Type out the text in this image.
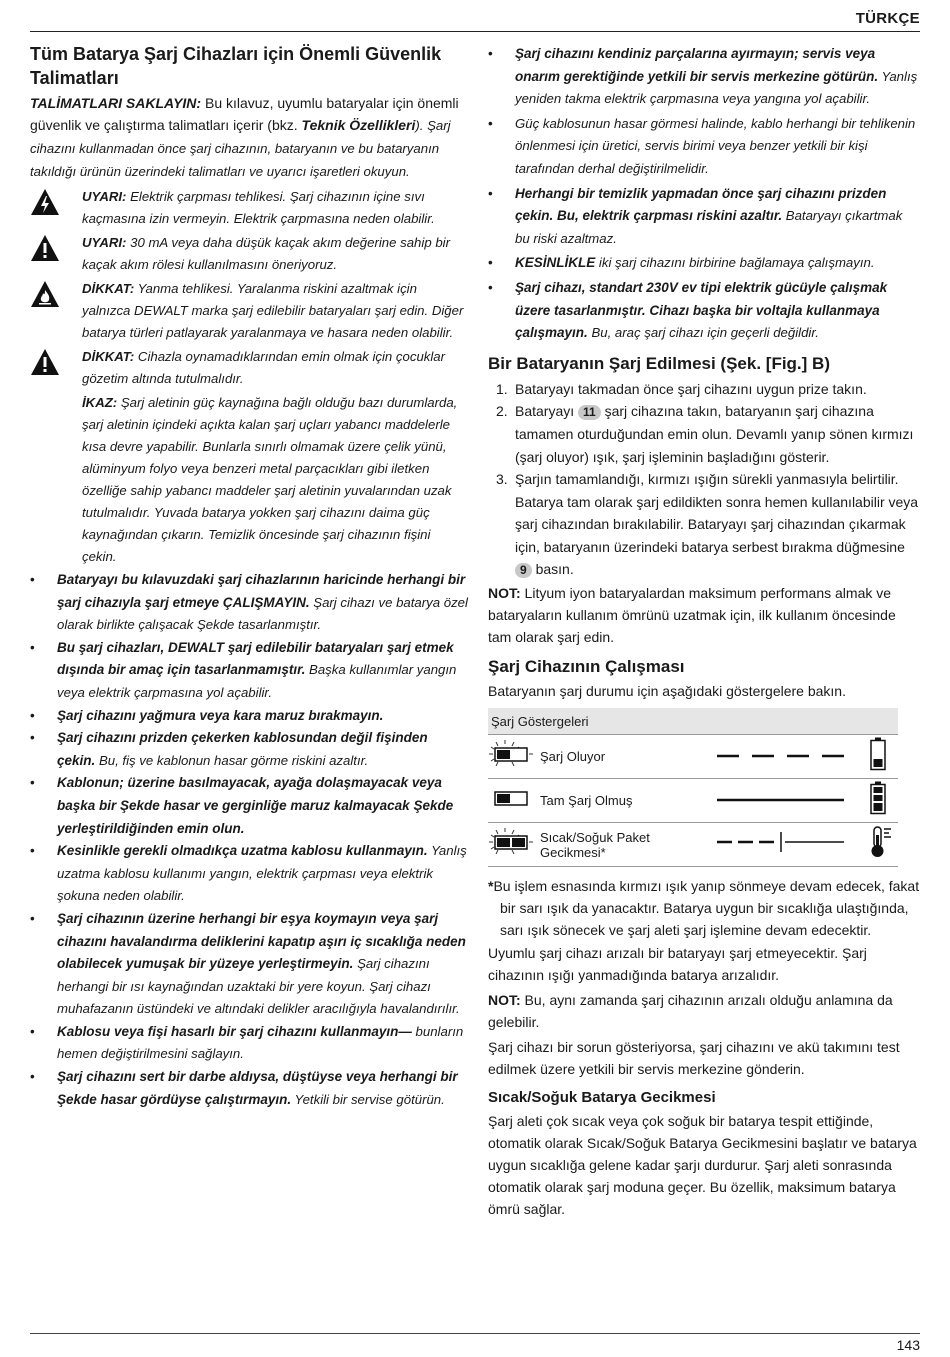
TÜRKÇE
Tüm Batarya Şarj Cihazları için Önemli Güvenlik Talimatları

TALİMATLARI SAKLAYIN: Bu kılavuz, uyumlu bataryalar için önemli güvenlik ve çalıştırma talimatları içerir (bkz. Teknik Özellikleri). Şarj cihazını kullanmadan önce şarj cihazının, bataryanın ve bu bataryanın takıldığı ürünün üzerindeki talimatları ve uyarıcı işaretleri okuyun.

UYARI: Elektrik çarpması tehlikesi. Şarj cihazının içine sıvı kaçmasına izin vermeyin. Elektrik çarpmasına neden olabilir.
UYARI: 30 mA veya daha düşük kaçak akım değerine sahip bir kaçak akım rölesi kullanılmasını öneriyoruz.
DİKKAT: Yanma tehlikesi. Yaralanma riskini azaltmak için yalnızca DEWALT marka şarj edilebilir bataryaları şarj edin. Diğer batarya türleri patlayarak yaralanmaya ve hasara neden olabilir.
DİKKAT: Cihazla oynamadıklarından emin olmak için çocuklar gözetim altında tutulmalıdır.
İKAZ: Şarj aletinin güç kaynağına bağlı olduğu bazı durumlarda, şarj aletinin içindeki açıkta kalan şarj uçları yabancı maddelerle kısa devre yapabilir. Bunlarla sınırlı olmamak üzere çelik yünü, alüminyum folyo veya benzeri metal parçacıkları gibi iletken özelliğe sahip yabancı maddeler şarj aletinin yuvalarından uzak tutulmalıdır. Yuvada batarya yokken şarj cihazını daima güç kaynağından çıkarın. Temizlik öncesinde şarj cihazının fişini çekin.
• Bataryayı bu kılavuzdaki şarj cihazlarının haricinde herhangi bir şarj cihazıyla şarj etmeye ÇALIŞMAYIN. Şarj cihazı ve batarya özel olarak birlikte çalışacak Şekde tasarlanmıştır.
• Bu şarj cihazları, DEWALT şarj edilebilir bataryaları şarj etmek dışında bir amaç için tasarlanmamıştır. Başka kullanımlar yangın veya elektrik çarpmasına yol açabilir.
• Şarj cihazını yağmura veya kara maruz bırakmayın.
• Şarj cihazını prizden çekerken kablosundan değil fişinden çekin. Bu, fiş ve kablonun hasar görme riskini azaltır.
• Kablonun; üzerine basılmayacak, ayağa dolaşmayacak veya başka bir Şekde hasar ve gerginliğe maruz kalmayacak Şekde yerleştirildiğinden emin olun.
• Kesinlikle gerekli olmadıkça uzatma kablosu kullanmayın. Yanlış uzatma kablosu kullanımı yangın, elektrik çarpması veya elektrik şokuna neden olabilir.
• Şarj cihazının üzerine herhangi bir eşya koymayın veya şarj cihazını havalandırma deliklerini kapatıp aşırı iç sıcaklığa neden olabilecek yumuşak bir yüzeye yerleştirmeyin. Şarj cihazını herhangi bir ısı kaynağından uzaktaki bir yere koyun. Şarj cihazı muhafazanın üstündeki ve altındaki delikler aracılığıyla havalandırılır.
• Kablosu veya fişi hasarlı bir şarj cihazını kullanmayın— bunların hemen değiştirilmesini sağlayın.
• Şarj cihazını sert bir darbe aldıysa, düştüyse veya herhangi bir Şekde hasar gördüyse çalıştırmayın. Yetkili bir servise götürün.
• Şarj cihazını kendiniz parçalarına ayırmayın; servis veya onarım gerektiğinde yetkili bir servis merkezine götürün. Yanlış yeniden takma elektrik çarpmasına veya yangına yol açabilir.
• Güç kablosunun hasar görmesi halinde, kablo herhangi bir tehlikenin önlenmesi için üretici, servis birimi veya benzer yetkili bir kişi tarafından derhal değiştirilmelidir.
• Herhangi bir temizlik yapmadan önce şarj cihazını prizden çekin. Bu, elektrik çarpması riskini azaltır. Bataryayı çıkartmak bu riski azaltmaz.
• KESİNLİKLE iki şarj cihazını birbirine bağlamaya çalışmayın.
• Şarj cihazı, standart 230V ev tipi elektrik gücüyle çalışmak üzere tasarlanmıştır. Cihazı başka bir voltajla kullanmaya çalışmayın. Bu, araç şarj cihazı için geçerli değildir.
Bir Bataryanın Şarj Edilmesi (Şek. [Fig.] B)
1. Bataryayı takmadan önce şarj cihazını uygun prize takın.
2. Bataryayı 11 şarj cihazına takın, bataryanın şarj cihazına tamamen oturduğundan emin olun. Devamlı yanıp sönen kırmızı (şarj oluyor) ışık, şarj işleminin başladığını gösterir.
3. Şarjın tamamlandığı, kırmızı ışığın sürekli yanmasıyla belirtilir. Batarya tam olarak şarj edildikten sonra hemen kullanılabilir veya şarj cihazından bırakılabilir. Bataryayı şarj cihazından çıkarmak için, bataryanın üzerindeki batarya serbest bırakma düğmesine 9 basın.

NOT: Lityum iyon bataryalardan maksimum performans almak ve bataryaların kullanım ömrünü uzatmak için, ilk kullanım öncesinde tam olarak şarj edin.

Şarj Cihazının Çalışması

Bataryanın şarj durumu için aşağıdaki göstergelere bakın.

Şarj Göstergeleri
Şarj Oluyor
Tam Şarj Olmuş
Sıcak/Soğuk Paket Gecikmesi*

*Bu işlem esnasında kırmızı ışık yanıp sönmeye devam edecek, fakat bir sarı ışık da yanacaktır. Batarya uygun bir sıcaklığa ulaştığında, sarı ışık sönecek ve şarj aleti şarj işlemine devam edecektir.

Uyumlu şarj cihazı arızalı bir bataryayı şarj etmeyecektir. Şarj cihazının ışığı yanmadığında batarya arızalıdır.

NOT: Bu, aynı zamanda şarj cihazının arızalı olduğu anlamına da gelebilir.

Şarj cihazı bir sorun gösteriyorsa, şarj cihazını ve akü takımını test edilmek üzere yetkili bir servis merkezine gönderin.

Sıcak/Soğuk Batarya Gecikmesi

Şarj aleti çok sıcak veya çok soğuk bir batarya tespit ettiğinde, otomatik olarak Sıcak/Soğuk Batarya Gecikmesini başlatır ve batarya uygun sıcaklığa gelene kadar şarjı durdurur. Şarj aleti sonrasında otomatik olarak şarj moduna geçer. Bu özellik, maksimum batarya ömrü sağlar.

143
